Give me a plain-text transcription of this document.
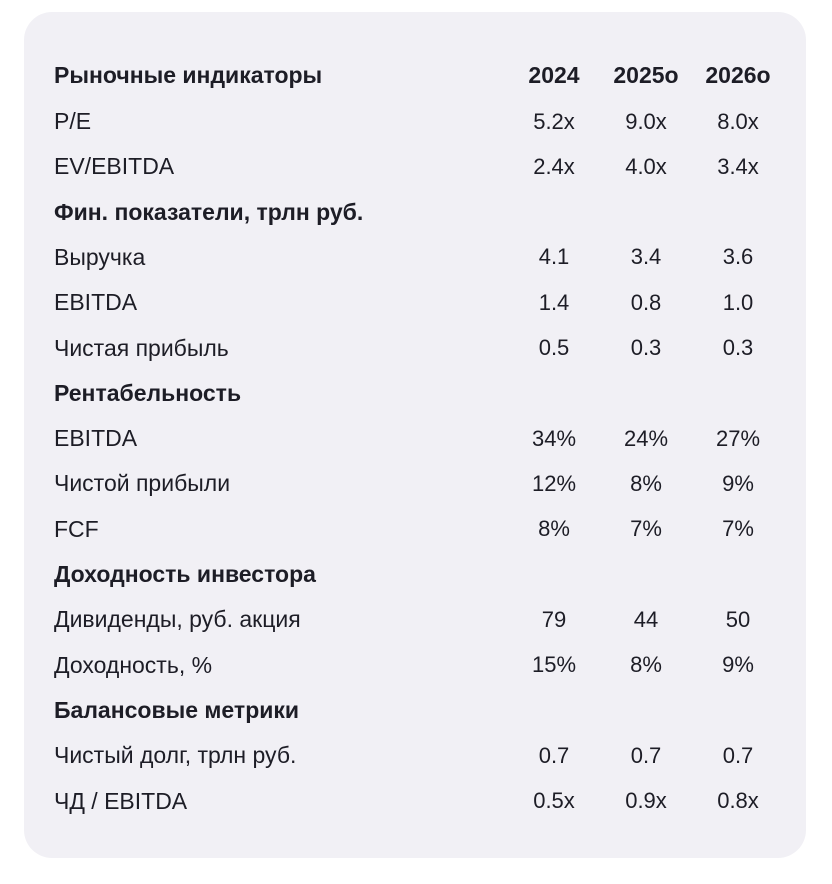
Рыночные индикаторы	2024	2025о	2026о
P/E	5.2x	9.0x	8.0x
EV/EBITDA	2.4x	4.0x	3.4x
Фин. показатели, трлн руб.
Выручка	4.1	3.4	3.6
EBITDA	1.4	0.8	1.0
Чистая прибыль	0.5	0.3	0.3
Рентабельность
EBITDA	34%	24%	27%
Чистой прибыли	12%	8%	9%
FCF	8%	7%	7%
Доходность инвестора
Дивиденды, руб. акция	79	44	50
Доходность, %	15%	8%	9%
Балансовые метрики
Чистый долг, трлн руб.	0.7	0.7	0.7
ЧД / EBITDA	0.5x	0.9x	0.8x
